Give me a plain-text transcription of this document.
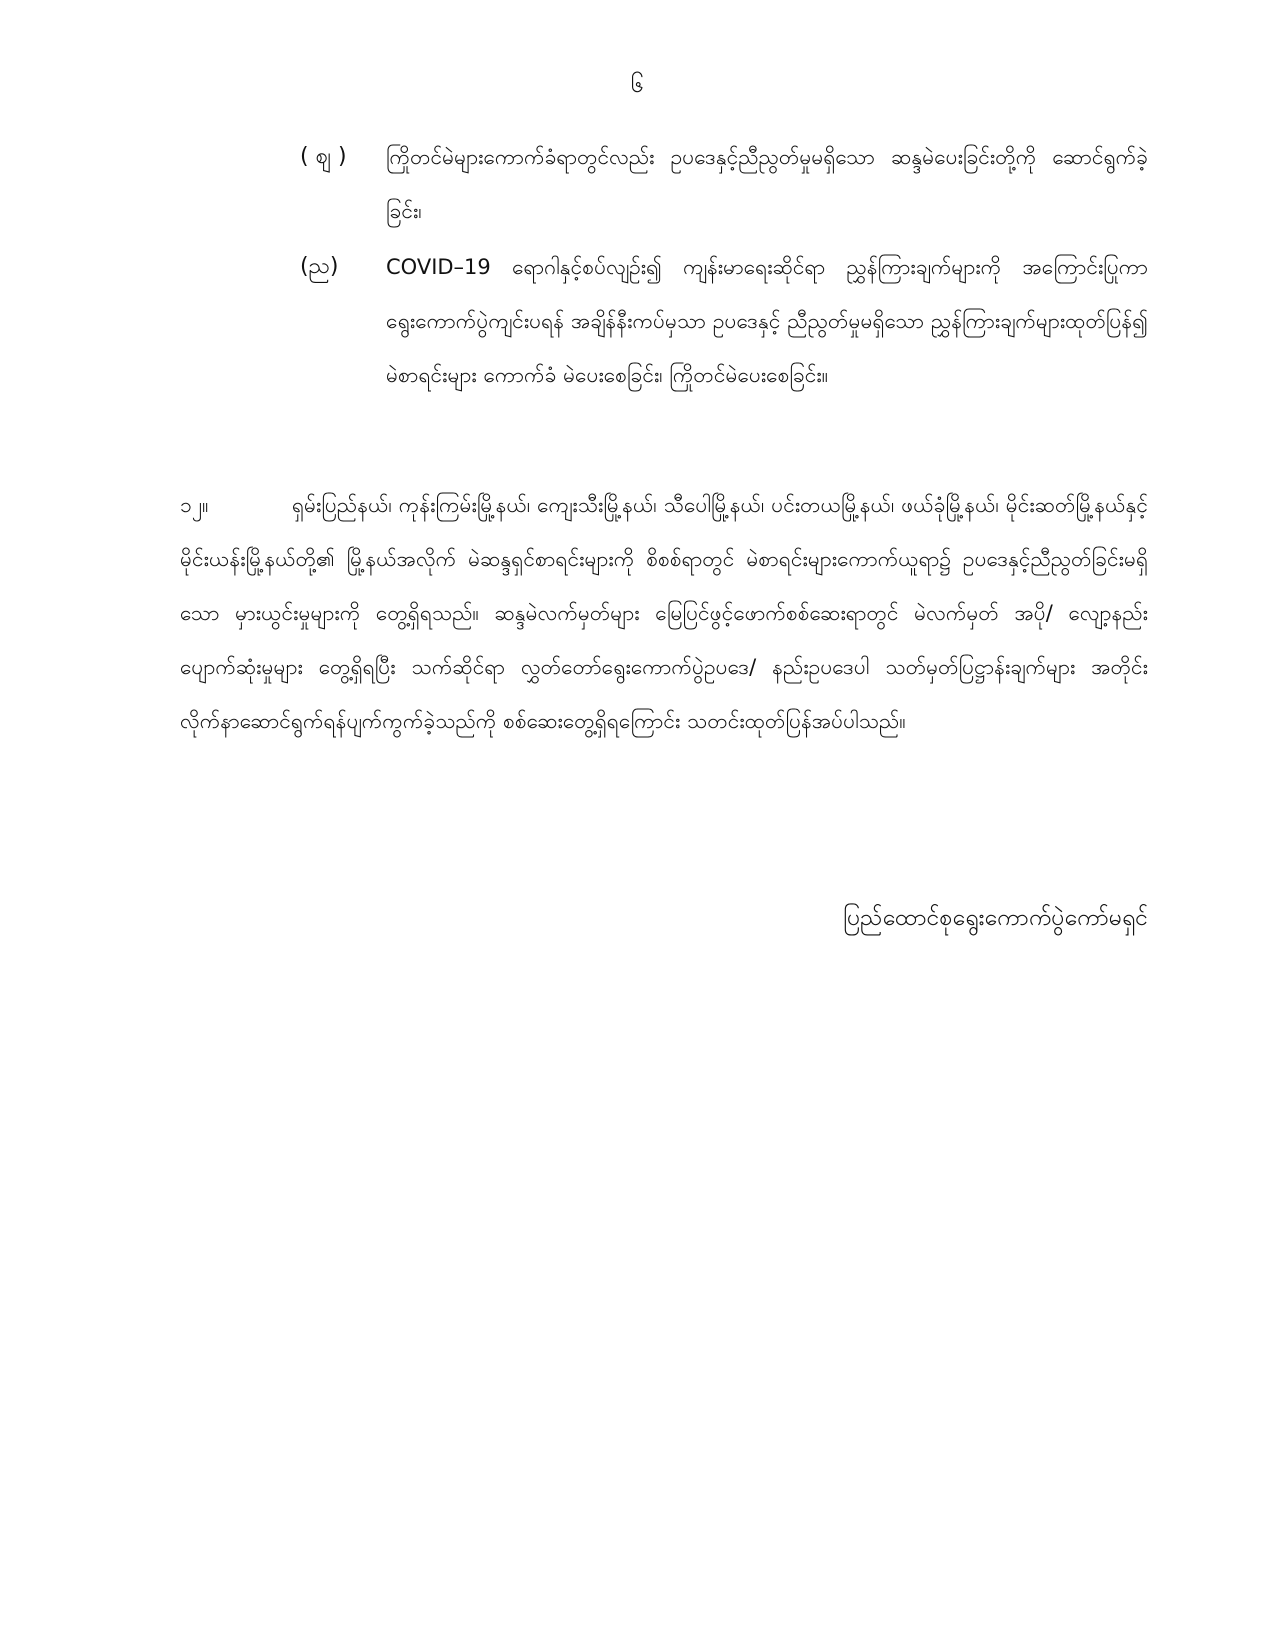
၆
( ဈ )	ကြိုတင်မဲများကောက်ခံရာတွင်လည်း ဥပဒေနှင့်ညီညွတ်မှုမရှိသော ဆန္ဒမဲပေးခြင်းတို့ကို ဆောင်ရွက်ခဲ့ခြင်း၊
(ည)	COVID–19 ရောဂါနှင့်စပ်လျဉ်း၍ ကျန်းမာရေးဆိုင်ရာ ညွှန်ကြားချက်များကို အကြောင်းပြုကာ ရွေးကောက်ပွဲကျင်းပရန် အချိန်နီးကပ်မှသာ ဥပဒေနှင့် ညီညွတ်မှုမရှိသော ညွှန်ကြားချက်များထုတ်ပြန်၍ မဲစာရင်းများ ကောက်ခံ မဲပေးစေခြင်း၊ ကြိုတင်မဲပေးစေခြင်း။
၁၂။	ရှမ်းပြည်နယ်၊ ကုန်းကြမ်းမြို့နယ်၊ ကျေးသီးမြို့နယ်၊ သီပေါမြို့နယ်၊ ပင်းတယမြို့နယ်၊ ဖယ်ခုံမြို့နယ်၊ မိုင်းဆတ်မြို့နယ်နှင့် မိုင်းယန်းမြို့နယ်တို့၏ မြို့နယ်အလိုက် မဲဆန္ဒရှင်စာရင်းများကို စိစစ်ရာတွင် မဲစာရင်းများကောက်ယူရာ၌ ဥပဒေနှင့်ညီညွတ်ခြင်းမရှိသော မှားယွင်းမှုများကို တွေ့ရှိရသည်။ ဆန္ဒမဲလက်မှတ်များ မြေပြင်ဖွင့်ဖောက်စစ်ဆေးရာတွင် မဲလက်မှတ် အပို/ လျော့နည်းပျောက်ဆုံးမှုများ တွေ့ရှိရပြီး သက်ဆိုင်ရာ လွှတ်တော်ရွေးကောက်ပွဲဥပဒေ/ နည်းဥပဒေပါ သတ်မှတ်ပြဋ္ဌာန်းချက်များ အတိုင်း လိုက်နာဆောင်ရွက်ရန်ပျက်ကွက်ခဲ့သည်ကို စစ်ဆေးတွေ့ရှိရကြောင်း သတင်းထုတ်ပြန်အပ်ပါသည်။
ပြည်ထောင်စုရွေးကောက်ပွဲကော်မရှင်
